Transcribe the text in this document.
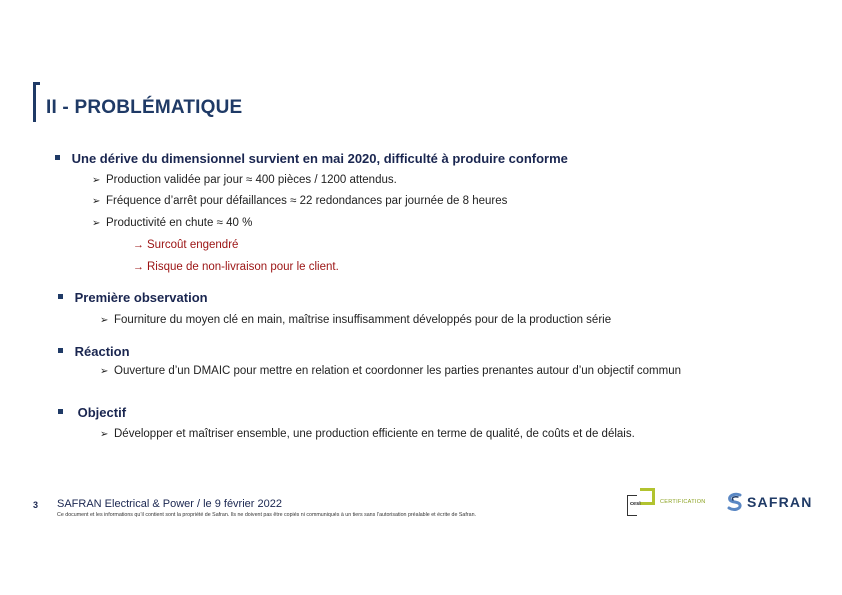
II - PROBLÉMATIQUE
Une dérive du dimensionnel survient en mai 2020, difficulté à produire conforme
➢ Production validée par jour ≈ 400 pièces / 1200 attendus.
➢ Fréquence d’arrêt pour défaillances ≈ 22 redondances par journée de 8 heures
➢ Productivité en chute ≈ 40 %
→ Surcoût engendré
→ Risque de non-livraison pour le client.
Première observation
➢ Fourniture du moyen clé en main, maîtrise insuffisamment développés pour de la production série
Réaction
➢ Ouverture d’un DMAIC pour mettre en relation et coordonner les parties prenantes autour d’un objectif commun
Objectif
➢ Développer et maîtriser ensemble, une production efficiente en terme de qualité, de coûts et de délais.
3 SAFRAN Electrical & Power / le 9 février 2022
Ce document et les informations qu’il contient sont la propriété de Safran. Ils ne doivent pas être copiés ni communiqués à un tiers sans l’autorisation préalable et écrite de Safran.
cesi	CERTIFICATION	SAFRAN
